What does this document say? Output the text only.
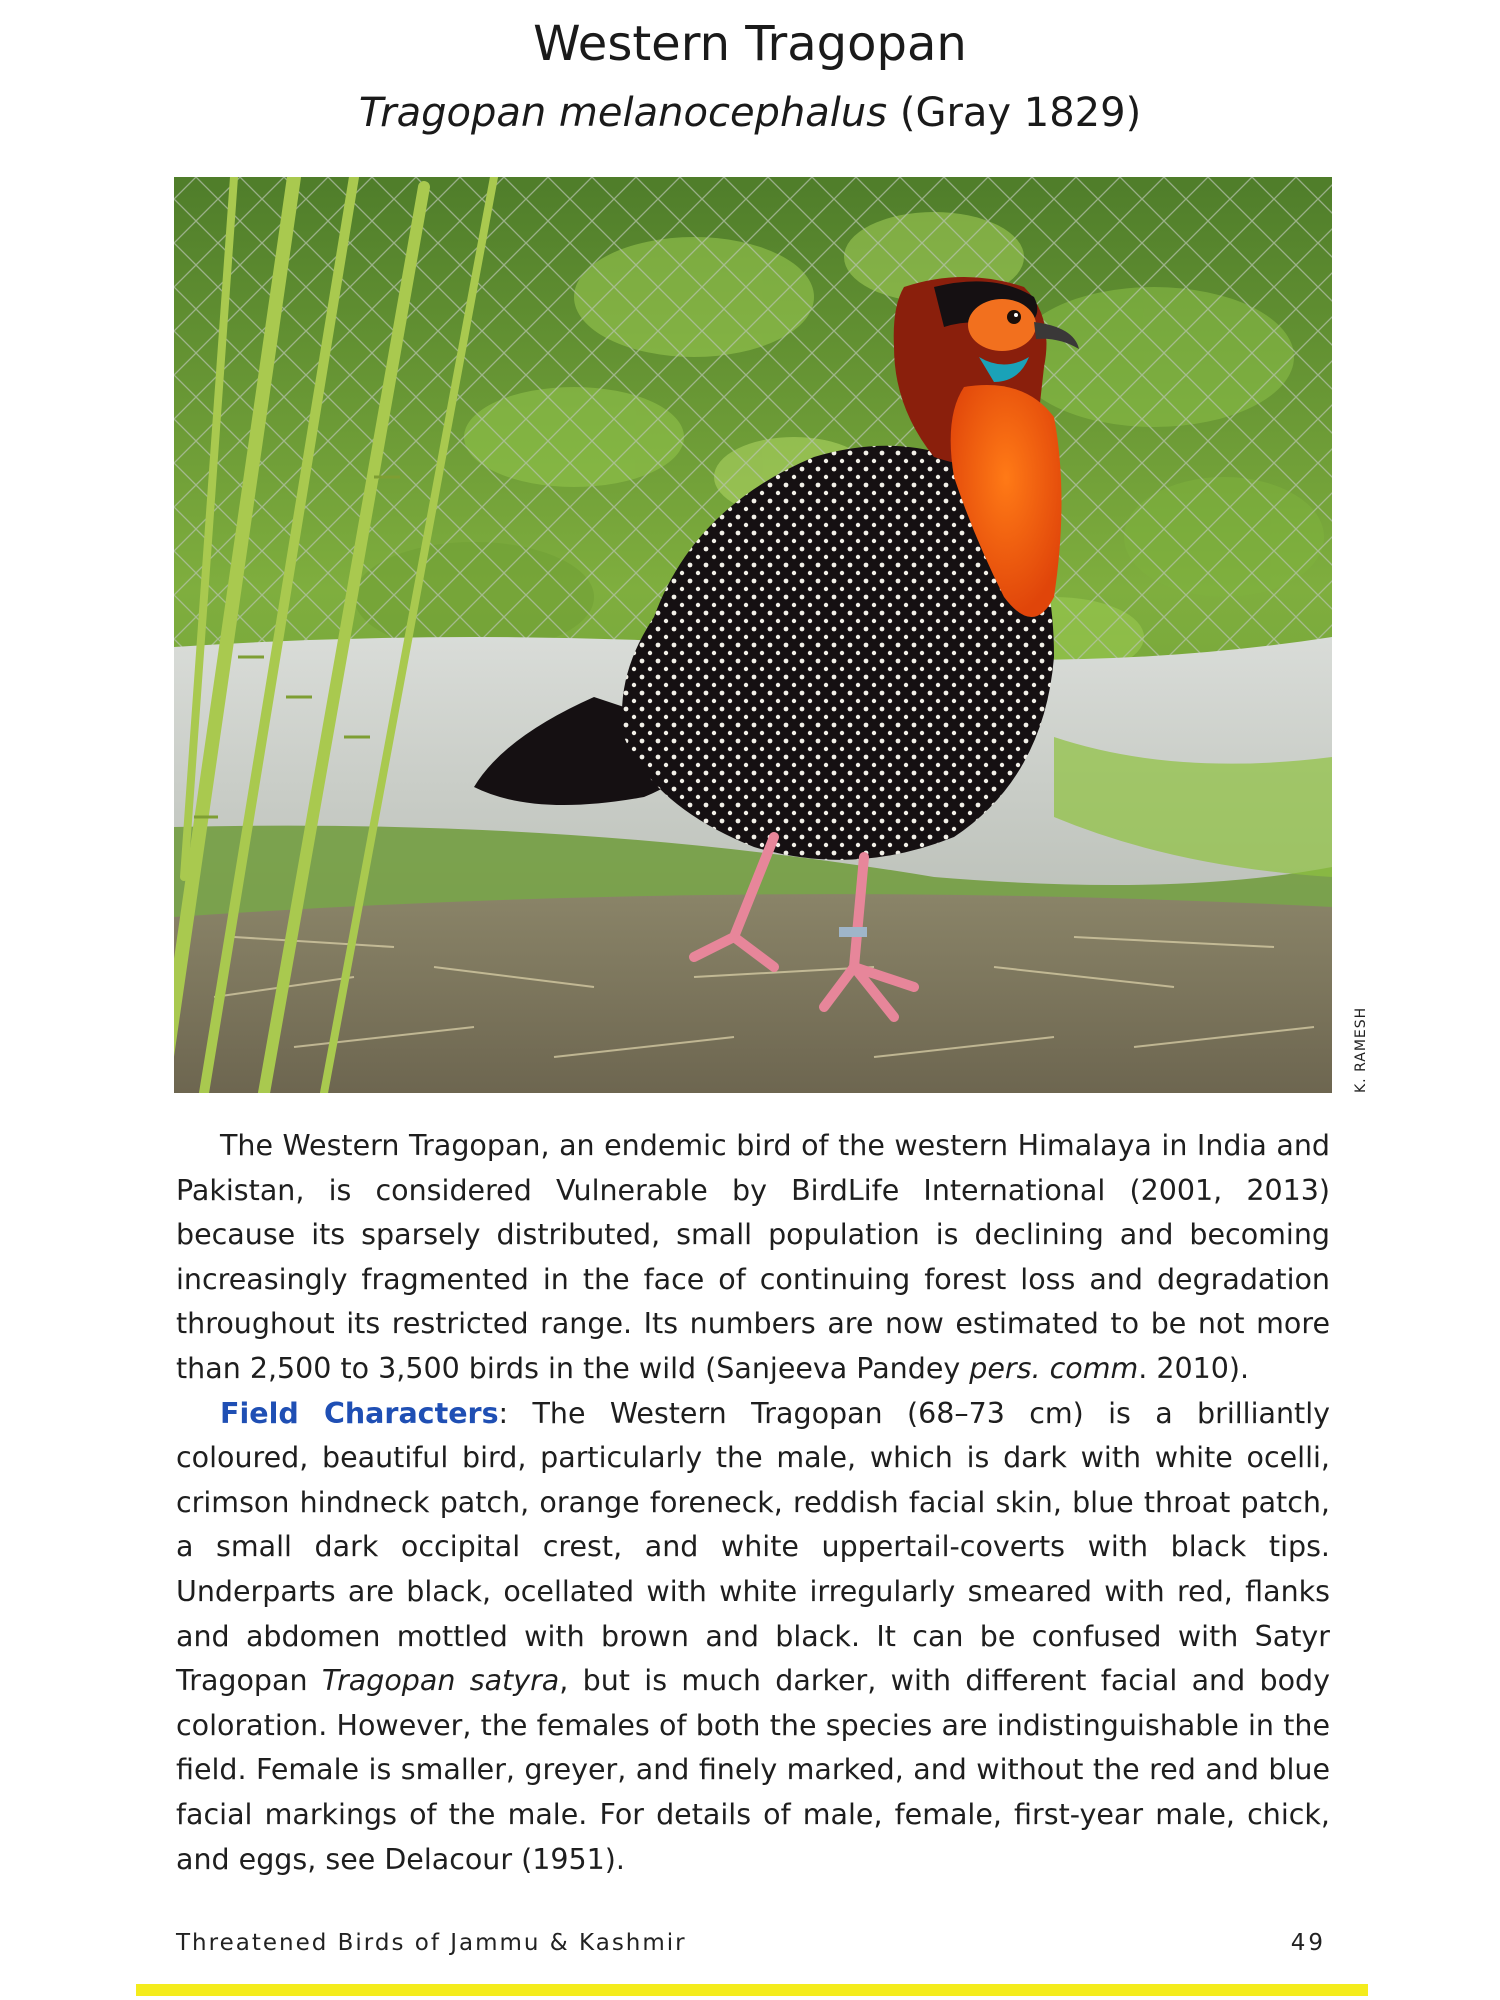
Western Tragopan
Tragopan melanocephalus (Gray 1829)
K. RAMESH

The Western Tragopan, an endemic bird of the western Himalaya in India and Pakistan, is considered Vulnerable by BirdLife International (2001, 2013) because its sparsely distributed, small population is declining and becoming increasingly fragmented in the face of continuing forest loss and degradation throughout its restricted range. Its numbers are now estimated to be not more than 2,500 to 3,500 birds in the wild (Sanjeeva Pandey pers. comm. 2010).

Field Characters: The Western Tragopan (68–73 cm) is a brilliantly coloured, beautiful bird, particularly the male, which is dark with white ocelli, crimson hindneck patch, orange foreneck, reddish facial skin, blue throat patch, a small dark occipital crest, and white uppertail-coverts with black tips. Underparts are black, ocellated with white irregularly smeared with red, flanks and abdomen mottled with brown and black. It can be confused with Satyr Tragopan Tragopan satyra, but is much darker, with different facial and body coloration. However, the females of both the species are indistinguishable in the field. Female is smaller, greyer, and finely marked, and without the red and blue facial markings of the male. For details of male, female, first-year male, chick, and eggs, see Delacour (1951).

Threatened Birds of Jammu & Kashmir	49
